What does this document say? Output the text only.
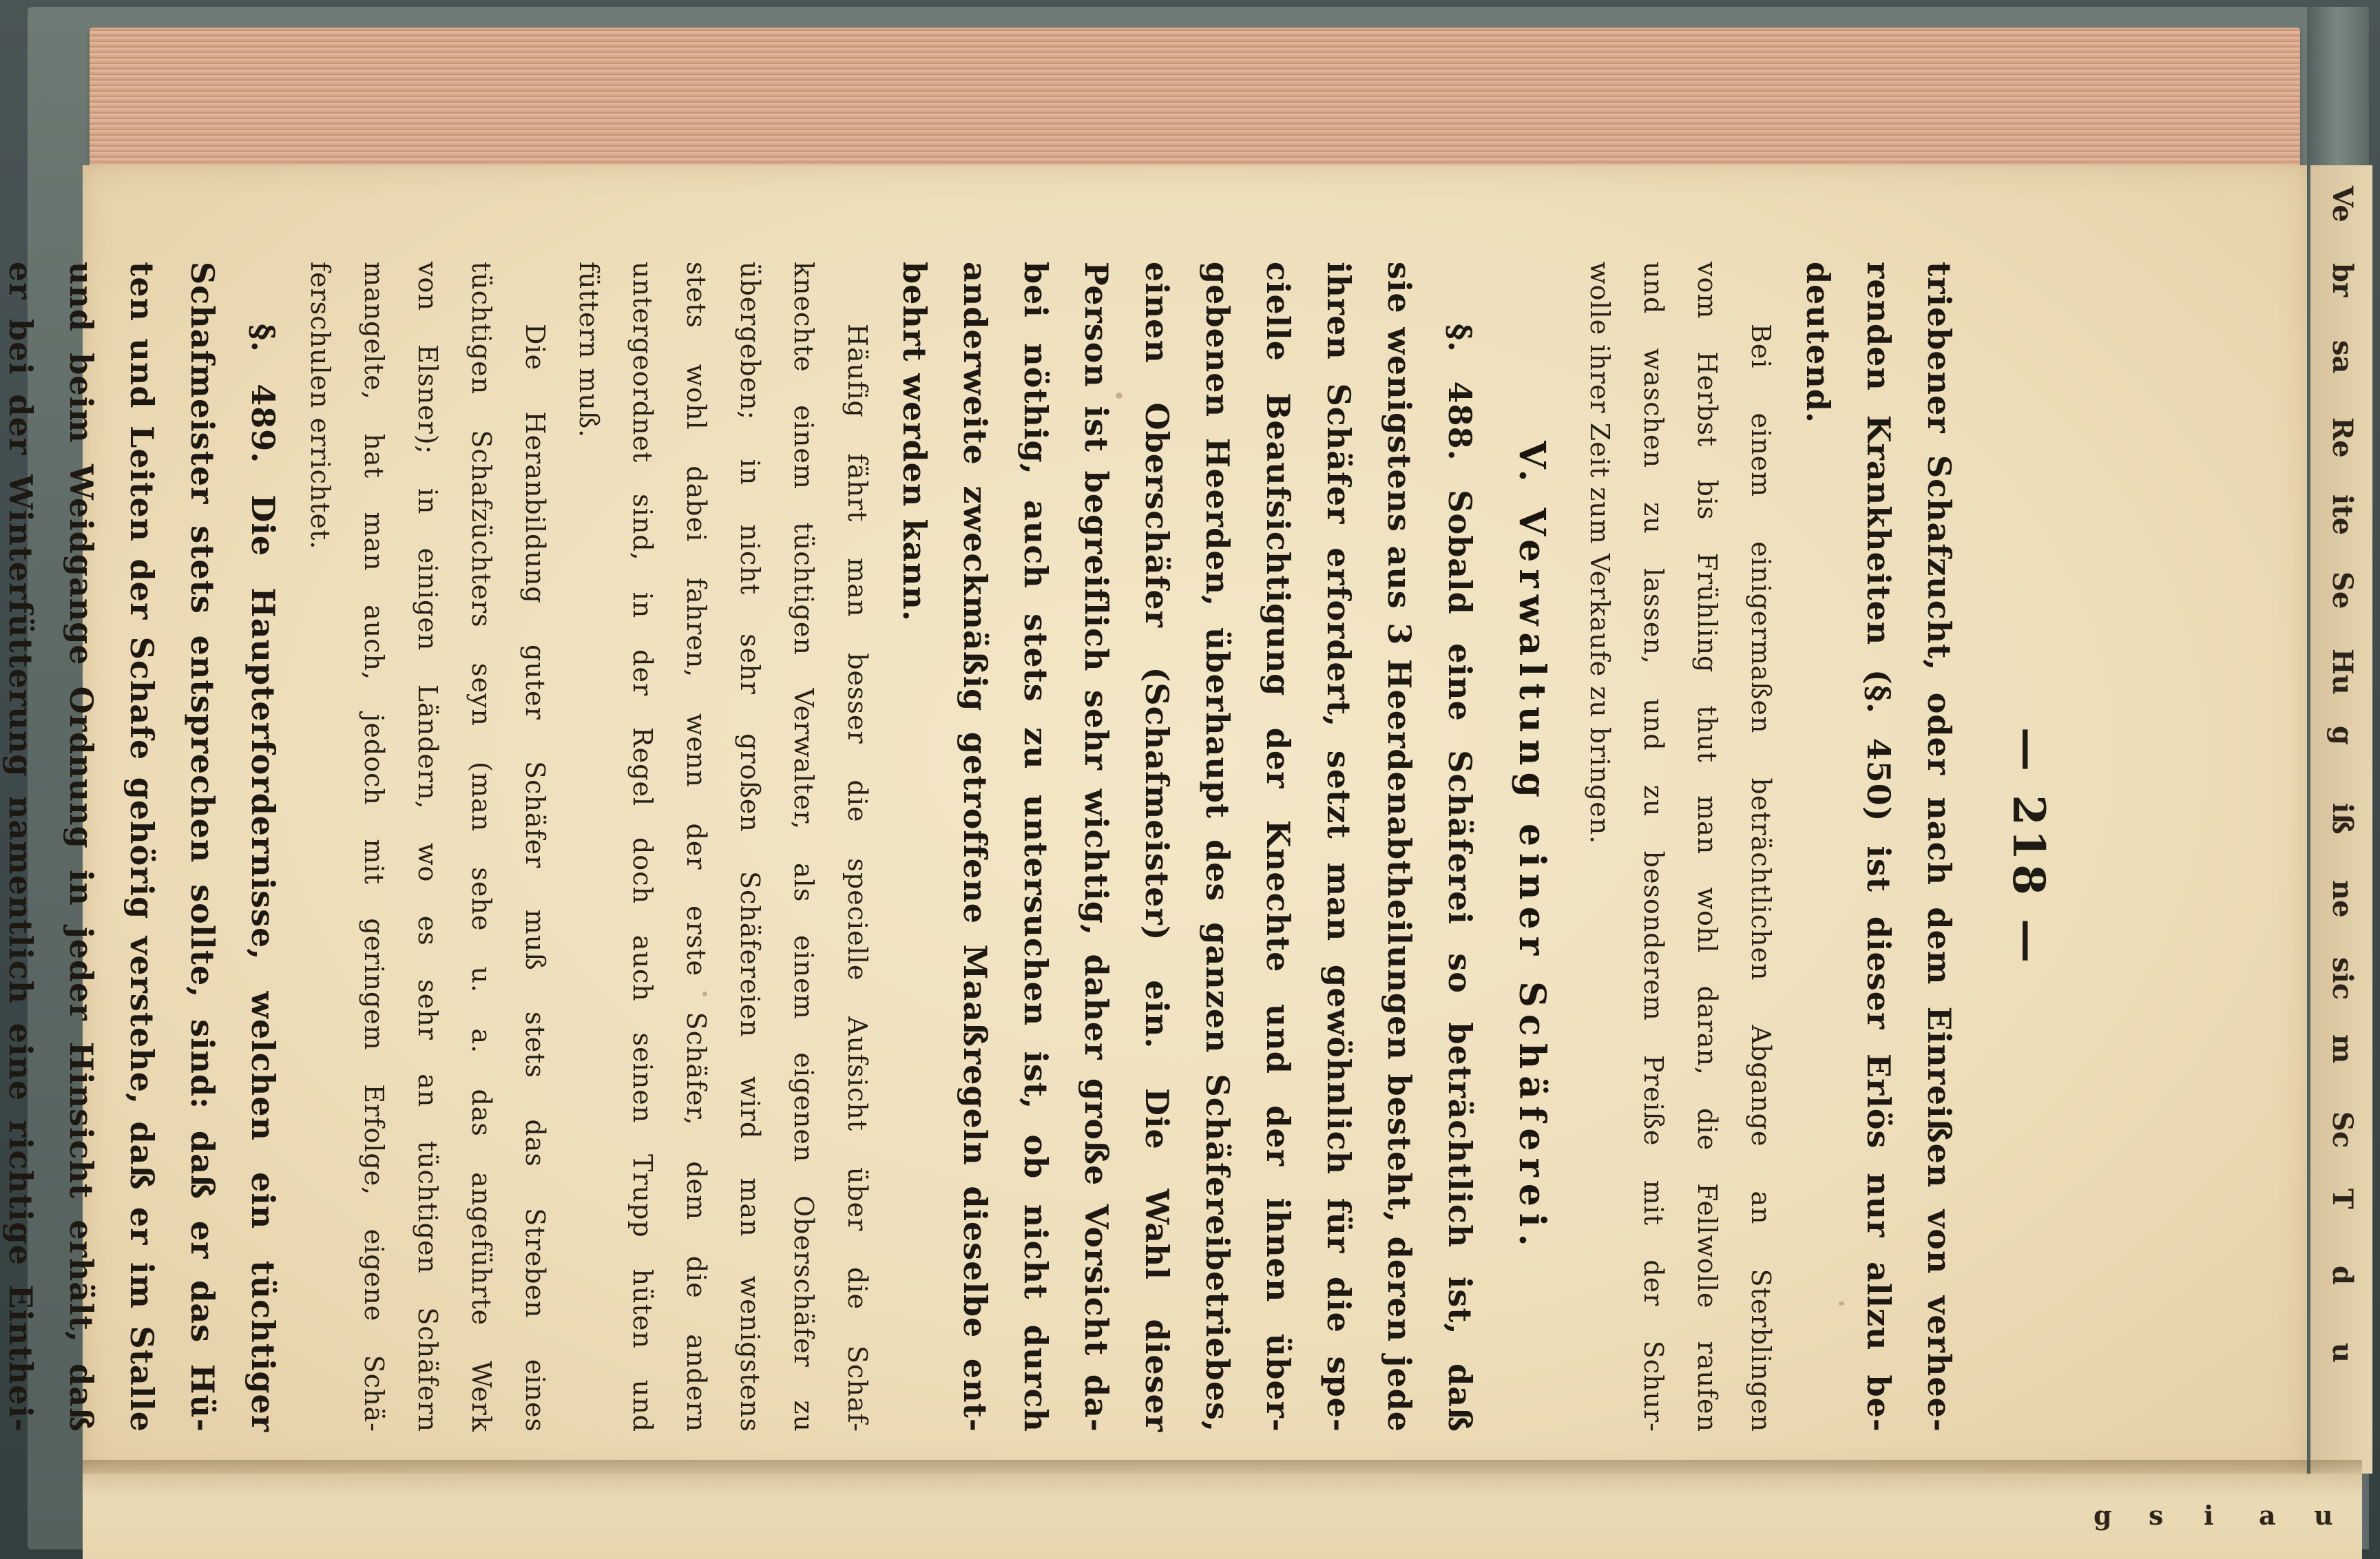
Ve
br
sa
Re
ite
Se
Hu
g
iß
ne
sic
m
Sc
T
d
u
g s i a u
— 218 —
triebener Schafzucht, oder nach dem Einreißen von verhee-
renden Krankheiten (§. 450) ist dieser Erlös nur allzu be-
deutend.
Bei einem einigermaßen beträchtlichen Abgange an Sterblingen
vom Herbst bis Frühling thut man wohl daran, die Fellwolle raufen
und waschen zu lassen, und zu besonderem Preiße mit der Schur-
wolle ihrer Zeit zum Verkaufe zu bringen.
V. Verwaltung einer Schäferei.
§. 488. Sobald eine Schäferei so beträchtlich ist, daß
sie wenigstens aus 3 Heerdenabtheilungen besteht, deren jede
ihren Schäfer erfordert, setzt man gewöhnlich für die spe-
cielle Beaufsichtigung der Knechte und der ihnen über-
gebenen Heerden, überhaupt des ganzen Schäfereibetriebes,
einen Oberschäfer (Schafmeister) ein. Die Wahl dieser
Person ist begreiflich sehr wichtig, daher große Vorsicht da-
bei nöthig, auch stets zu untersuchen ist, ob nicht durch
anderweite zweckmäßig getroffene Maaßregeln dieselbe ent-
behrt werden kann.
Häufig fährt man besser die specielle Aufsicht über die Schaf-
knechte einem tüchtigen Verwalter, als einem eigenen Oberschäfer zu
übergeben; in nicht sehr großen Schäfereien wird man wenigstens
stets wohl dabei fahren, wenn der erste Schäfer, dem die andern
untergeordnet sind, in der Regel doch auch seinen Trupp hüten und
füttern muß.
Die Heranbildung guter Schäfer muß stets das Streben eines
tüchtigen Schafzüchters seyn (man sehe u. a. das angeführte Werk
von Elsner); in einigen Ländern, wo es sehr an tüchtigen Schäfern
mangelte, hat man auch, jedoch mit geringem Erfolge, eigene Schä-
ferschulen errichtet.
§. 489. Die Haupterfordernisse, welchen ein tüchtiger
Schafmeister stets entsprechen sollte, sind: daß er das Hü-
ten und Leiten der Schafe gehörig verstehe, daß er im Stalle
und beim Weidgange Ordnung in jeder Hinsicht erhält, daß
er bei der Winterfütterung namentlich eine richtige Einthei-
